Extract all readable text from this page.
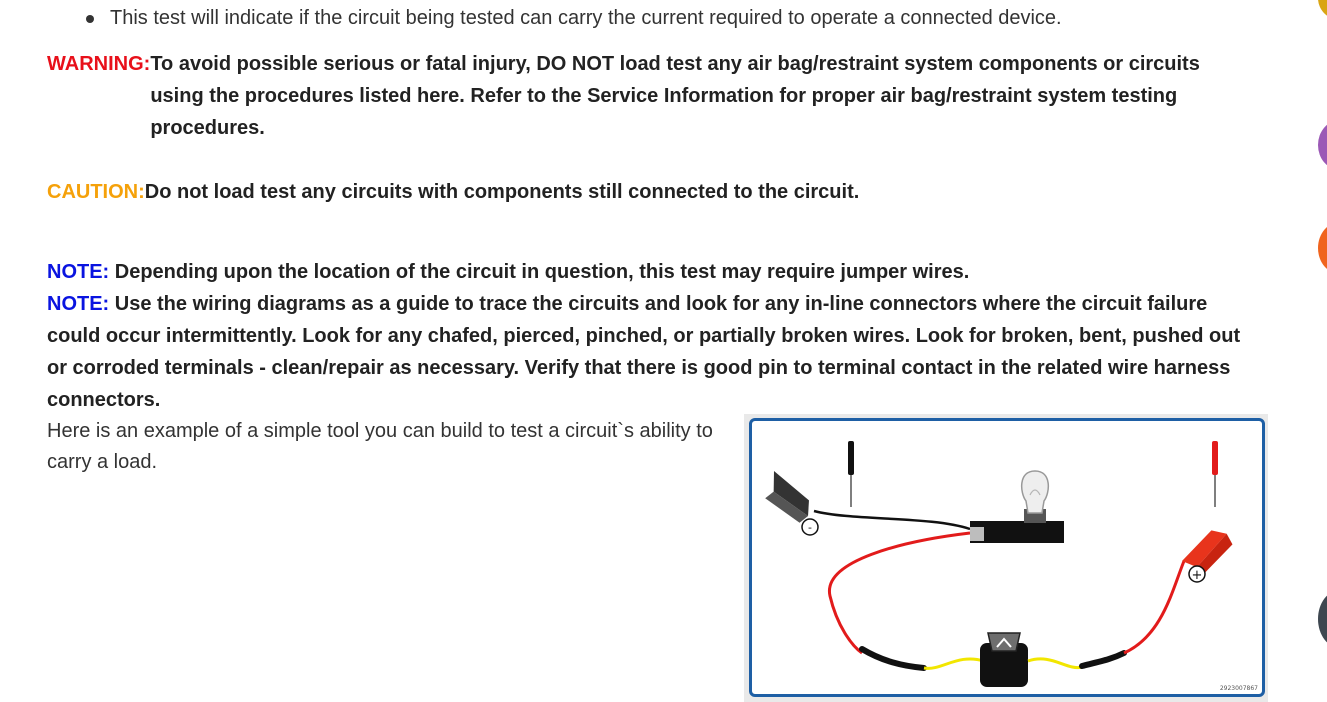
This test will indicate if the circuit being tested can carry the current required to operate a connected device.
WARNING: To avoid possible serious or fatal injury, DO NOT load test any air bag/restraint system components or circuits using the procedures listed here. Refer to the Service Information for proper air bag/restraint system testing procedures.
CAUTION: Do not load test any circuits with components still connected to the circuit.
NOTE: Depending upon the location of the circuit in question, this test may require jumper wires.
NOTE: Use the wiring diagrams as a guide to trace the circuits and look for any in-line connectors where the circuit failure could occur intermittently. Look for any chafed, pierced, pinched, or partially broken wires. Look for broken, bent, pushed out or corroded terminals - clean/repair as necessary. Verify that there is good pin to terminal contact in the related wire harness connectors.
Here is an example of a simple tool you can build to test a circuit`s ability to carry a load.
-
+
2923007867
